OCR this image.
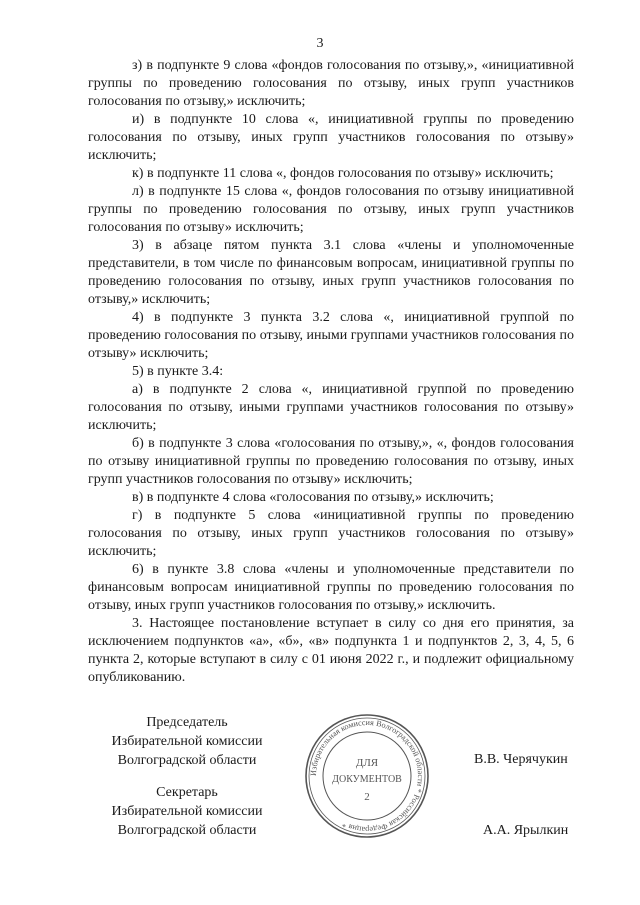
3

з) в подпункте 9 слова «фондов голосования по отзыву,», «инициативной группы по проведению голосования по отзыву, иных групп участников голосования по отзыву,» исключить;

и) в подпункте 10 слова «, инициативной группы по проведению голосования по отзыву, иных групп участников голосования по отзыву» исключить;

к) в подпункте 11 слова «, фондов голосования по отзыву» исключить;

л) в подпункте 15 слова «, фондов голосования по отзыву инициативной группы по проведению голосования по отзыву, иных групп участников голосования по отзыву» исключить;

3) в абзаце пятом пункта 3.1 слова «члены и уполномоченные представители, в том числе по финансовым вопросам, инициативной группы по проведению голосования по отзыву, иных групп участников голосования по отзыву,» исключить;

4) в подпункте 3 пункта 3.2 слова «, инициативной группой по проведению голосования по отзыву, иными группами участников голосования по отзыву» исключить;

5) в пункте 3.4:

а) в подпункте 2 слова «, инициативной группой по проведению голосования по отзыву, иными группами участников голосования по отзыву» исключить;

б) в подпункте 3 слова «голосования по отзыву,», «, фондов голосования по отзыву инициативной группы по проведению голосования по отзыву, иных групп участников голосования по отзыву» исключить;

в) в подпункте 4 слова «голосования по отзыву,» исключить;

г) в подпункте 5 слова «инициативной группы по проведению голосования по отзыву, иных групп участников голосования по отзыву» исключить;

6) в пункте 3.8 слова «члены и уполномоченные представители по финансовым вопросам инициативной группы по проведению голосования по отзыву, иных групп участников голосования по отзыву,» исключить.

3. Настоящее постановление вступает в силу со дня его принятия, за исключением подпунктов «а», «б», «в» подпункта 1 и подпунктов 2, 3, 4, 5, 6 пункта 2, которые вступают в силу с 01 июня 2022 г., и подлежит официальному опубликованию.

Председатель
Избирательной комиссии
Волгоградской области	В.В. Черячукин
Секретарь
Избирательной комиссии
Волгоградской области	А.А. Ярылкин
Избирательная комиссия Волгоградской области * Российская Федерация *
ДЛЯ
ДОКУМЕНТОВ
2
